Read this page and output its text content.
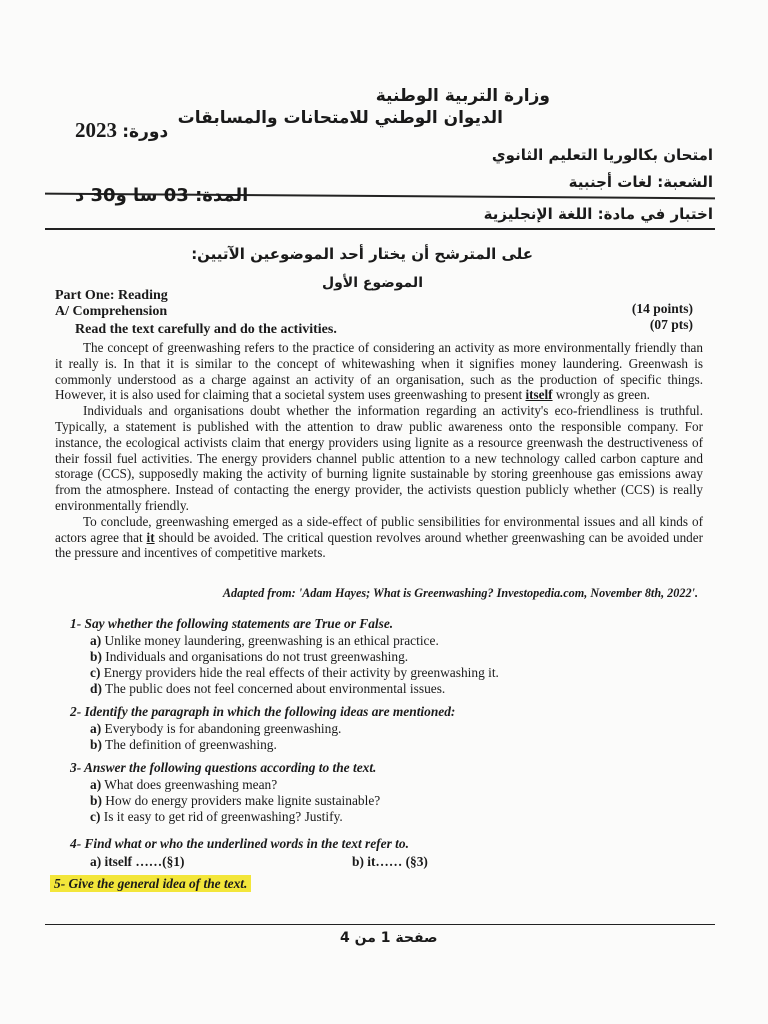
وزارة التربية الوطنية
الديوان الوطني للامتحانات والمسابقات
2023 دورة:
امتحان بكالوريا التعليم الثانوي
الشعبة: لغات أجنبية
المدة: 03 سا و30 د
اختبار في مادة: اللغة الإنجليزية
على المترشح أن يختار أحد الموضوعين الآتيين:
الموضوع الأول
Part One: Reading
A/ Comprehension	(14 points)
(07 pts)
Read the text carefully and do the activities.

The concept of greenwashing refers to the practice of considering an activity as more environmentally friendly than it really is. In that it is similar to the concept of whitewashing when it signifies money laundering. Greenwash is commonly understood as a charge against an activity of an organisation, such as the production of specific things. However, it is also used for claiming that a societal system uses greenwashing to present itself wrongly as green.

Individuals and organisations doubt whether the information regarding an activity's eco-friendliness is truthful. Typically, a statement is published with the attention to draw public awareness onto the responsible company. For instance, the ecological activists claim that energy providers using lignite as a resource greenwash the destructiveness of their fossil fuel activities. The energy providers channel public attention to a new technology called carbon capture and storage (CCS), supposedly making the activity of burning lignite sustainable by storing greenhouse gas emissions away from the atmosphere. Instead of contacting the energy provider, the activists question publicly whether (CCS) is really environmentally friendly.

To conclude, greenwashing emerged as a side-effect of public sensibilities for environmental issues and all kinds of actors agree that it should be avoided. The critical question revolves around whether greenwashing can be avoided under the pressure and incentives of competitive markets.

Adapted from: 'Adam Hayes; What is Greenwashing? Investopedia.com, November 8th, 2022'.
1- Say whether the following statements are True or False.
a) Unlike money laundering, greenwashing is an ethical practice.
b) Individuals and organisations do not trust greenwashing.
c) Energy providers hide the real effects of their activity by greenwashing it.
d) The public does not feel concerned about environmental issues.
2- Identify the paragraph in which the following ideas are mentioned:
a) Everybody is for abandoning greenwashing.
b) The definition of greenwashing.
3- Answer the following questions according to the text.
a) What does greenwashing mean?
b) How do energy providers make lignite sustainable?
c) Is it easy to get rid of greenwashing? Justify.
4- Find what or who the underlined words in the text refer to.
a) itself ……(§1)	b) it…… (§3)
5- Give the general idea of the text.
صفحة 1 من 4
